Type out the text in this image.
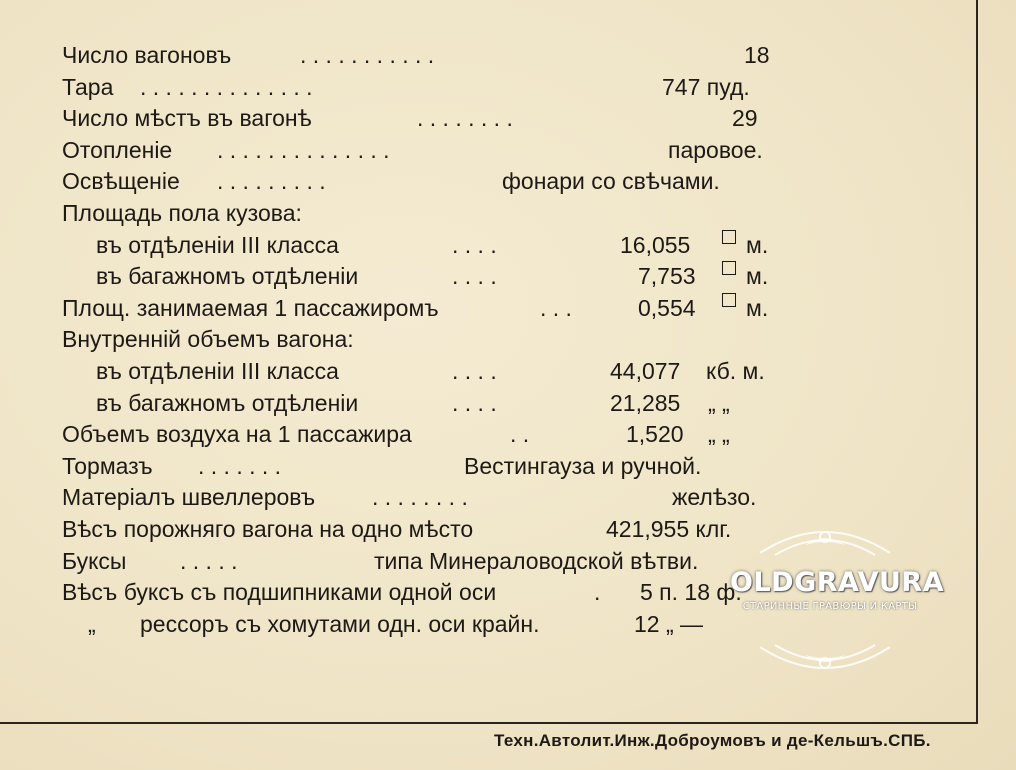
Число вагоновъ	. . . . . . . . . . .	18
Тара . . . . . . . . . . . . . .	747 пуд.
Число мѣстъ въ вагонѣ	. . . . . . . .	29
Отопленіе . . . . . . . . . . . . . .	паровое.
Освѣщеніе . . . . . . . . .	фонари со свѣчами.
Площадь пола кузова:
въ отдѣленіи III класса	. . . .	16,055 м.
въ багажномъ отдѣленіи	. . . .	7,753 м.
Площ. занимаемая 1 пассажиромъ	. . .	0,554 м.
Внутренній объемъ вагона:
въ отдѣленіи III класса	. . . .	44,077 кб. м.
въ багажномъ отдѣленіи	. . . .	21,285 „ „
Объемъ воздуха на 1 пассажира	. .	1,520 „ „
Тормазъ . . . . . . .	Вестингауза и ручной.
Матеріалъ швеллеровъ . . . . . . . .	желѣзо.
Вѣсъ порожняго вагона на одно мѣсто	421,955 клг.
Буксы . . . . .	типа Минераловодской вѣтви.
Вѣсъ буксъ съ подшипниками одной оси	. 5 п. 18 ф.
„ рессоръ съ хомутами одн. оси крайн.	12 „ —
Техн.Автолит.Инж.Доброумовъ и де-Кельшъ.СПБ.
OLDGRAVURA
СТАРИННЫЕ ГРАВЮРЫ И КАРТЫ
